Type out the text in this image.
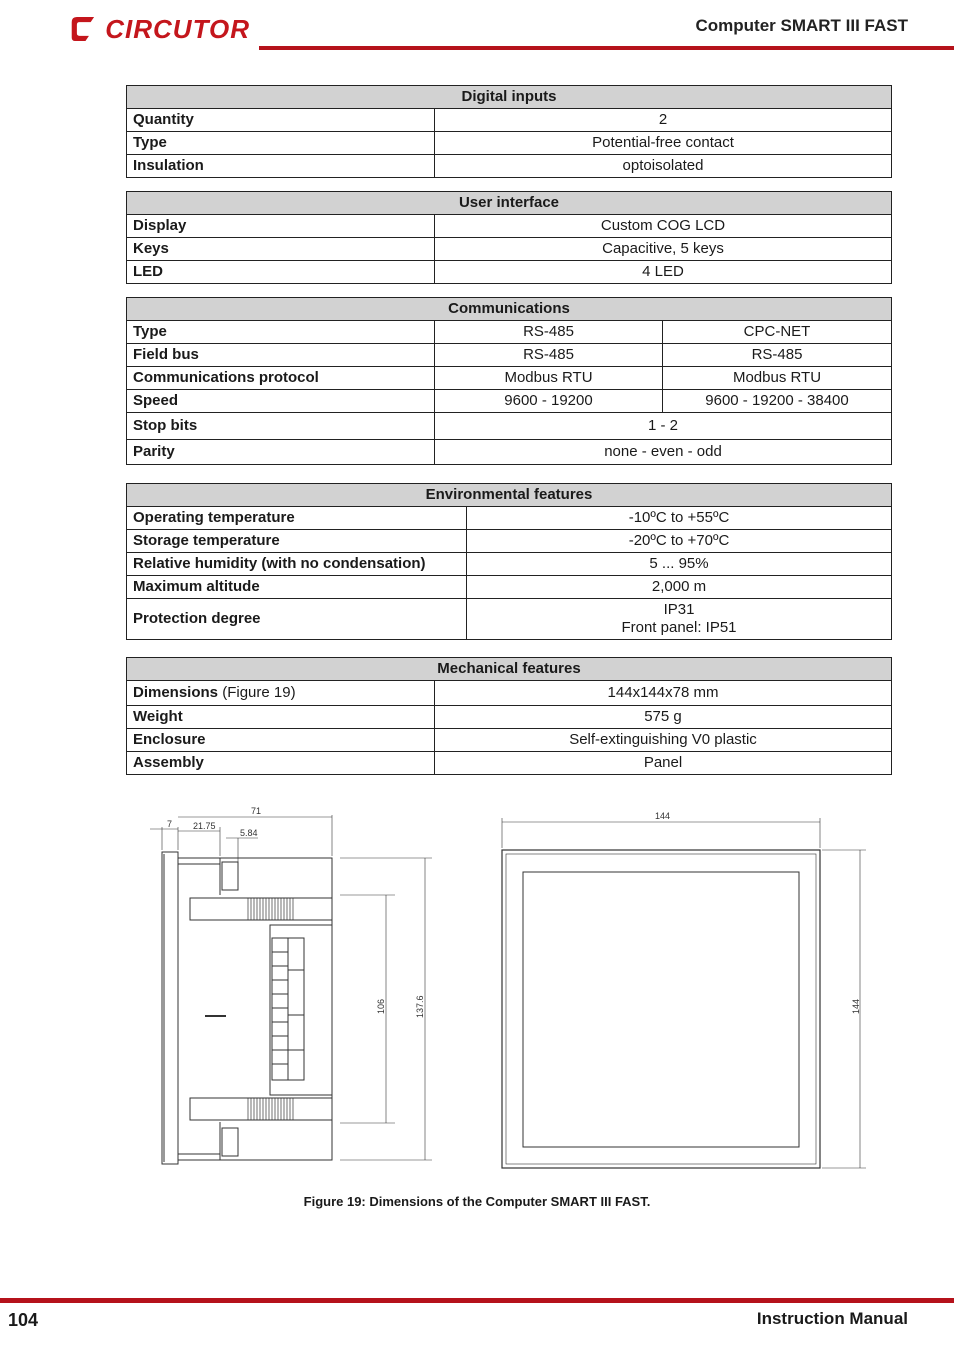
CIRCUTOR	Computer SMART III FAST
Digital inputs	
Quantity	2
Type	Potential-free contact
Insulation	optoisolated
User interface	
Display	Custom COG LCD
Keys	Capacitive, 5 keys
LED	4 LED
Communications		
Type	RS-485	CPC-NET
Field bus	RS-485	RS-485
Communications protocol	Modbus RTU	Modbus RTU
Speed	9600 - 19200	9600 - 19200 - 38400
Stop bits	1 - 2	
Parity	none - even - odd	
Environmental features	
Operating temperature	-10ºC to +55ºC
Storage temperature	-20ºC to +70ºC
Relative humidity (with no condensation)	5 ... 95%
Maximum altitude	2,000 m
Protection degree	IP31
Front panel: IP51
Mechanical features	
Dimensions (Figure 19)	144x144x78 mm
Weight	575 g
Enclosure	Self-extinguishing V0 plastic
Assembly	Panel
71
7 21.75
5.84
106	137.6
144
144
Figure 19: Dimensions of the Computer SMART III FAST.
104	Instruction Manual
